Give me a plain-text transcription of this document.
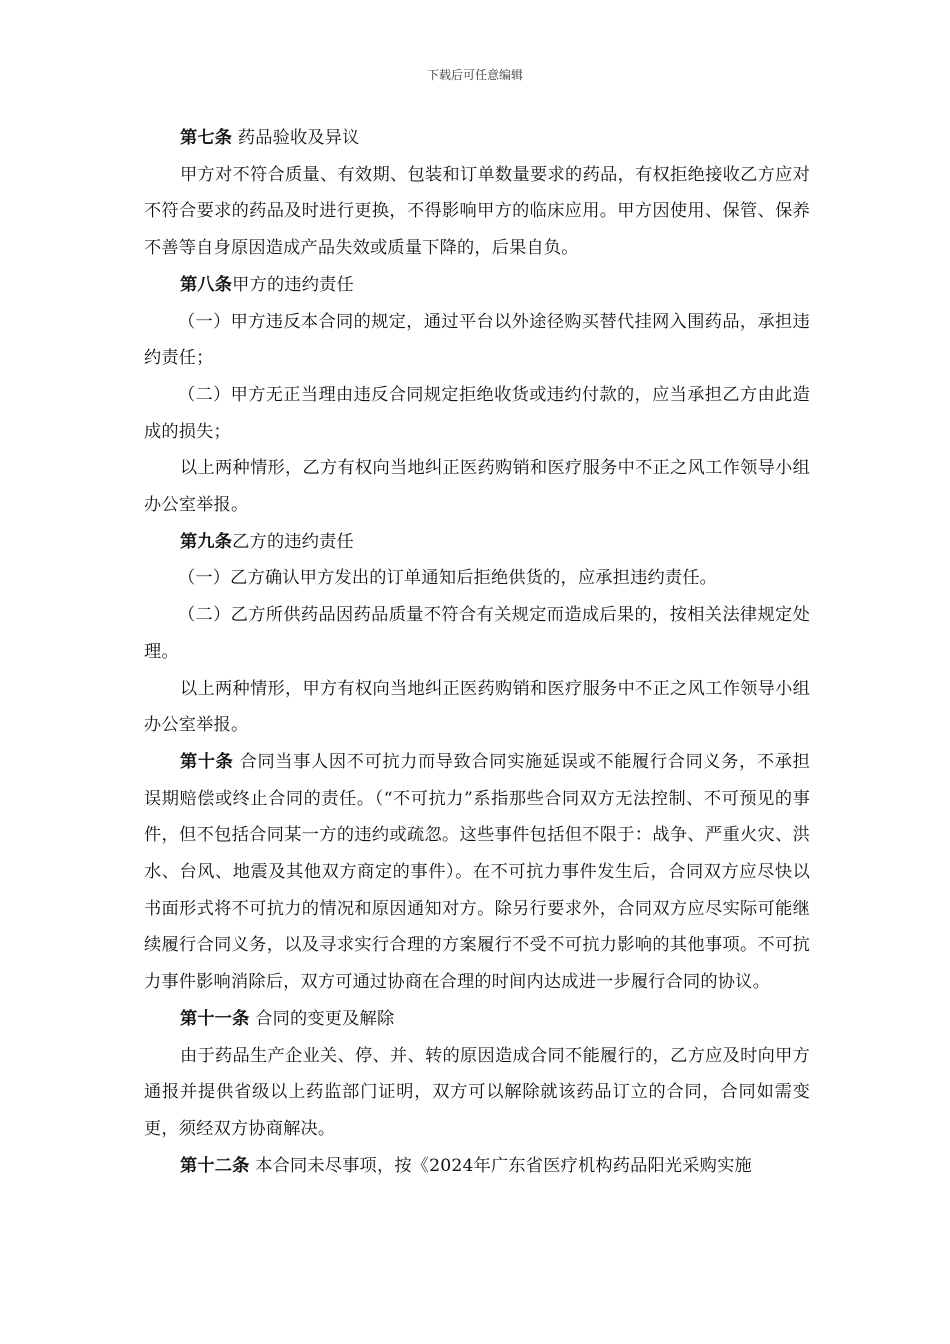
下载后可任意编辑

第七条 药品验收及异议

甲方对不符合质量、有效期、包装和订单数量要求的药品，有权拒绝接收乙方应对不符合要求的药品及时进行更换，不得影响甲方的临床应用。甲方因使用、保管、保养不善等自身原因造成产品失效或质量下降的，后果自负。

第八条甲方的违约责任

（一）甲方违反本合同的规定，通过平台以外途径购买替代挂网入围药品，承担违约责任；

（二）甲方无正当理由违反合同规定拒绝收货或违约付款的，应当承担乙方由此造成的损失；

以上两种情形，乙方有权向当地纠正医药购销和医疗服务中不正之风工作领导小组办公室举报。

第九条乙方的违约责任

（一）乙方确认甲方发出的订单通知后拒绝供货的，应承担违约责任。

（二）乙方所供药品因药品质量不符合有关规定而造成后果的，按相关法律规定处理。

以上两种情形，甲方有权向当地纠正医药购销和医疗服务中不正之风工作领导小组办公室举报。

第十条 合同当事人因不可抗力而导致合同实施延误或不能履行合同义务，不承担误期赔偿或终止合同的责任。（“不可抗力”系指那些合同双方无法控制、不可预见的事件，但不包括合同某一方的违约或疏忽。这些事件包括但不限于：战争、严重火灾、洪水、台风、地震及其他双方商定的事件）。在不可抗力事件发生后，合同双方应尽快以书面形式将不可抗力的情况和原因通知对方。除另行要求外，合同双方应尽实际可能继续履行合同义务，以及寻求实行合理的方案履行不受不可抗力影响的其他事项。不可抗力事件影响消除后，双方可通过协商在合理的时间内达成进一步履行合同的协议。

第十一条 合同的变更及解除

由于药品生产企业关、停、并、转的原因造成合同不能履行的，乙方应及时向甲方通报并提供省级以上药监部门证明，双方可以解除就该药品订立的合同，合同如需变更，须经双方协商解决。

第十二条 本合同未尽事项，按《2024年广东省医疗机构药品阳光采购实施
